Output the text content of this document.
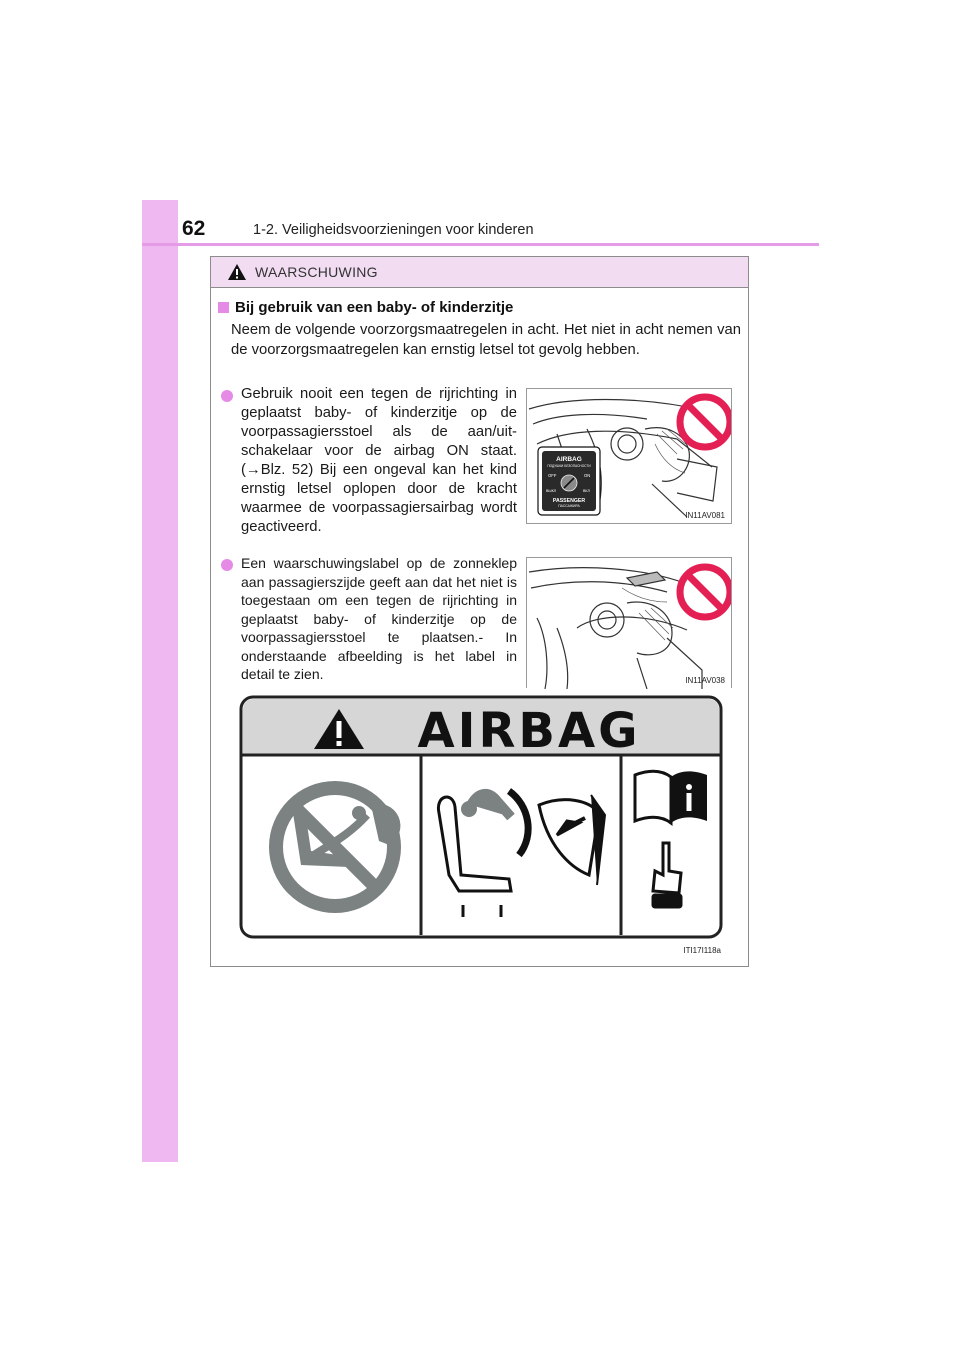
62	1-2. Veiligheidsvoorzieningen voor kinderen
WAARSCHUWING
Bij gebruik van een baby- of kinderzitje
Neem de volgende voorzorgsmaatregelen in acht. Het niet in acht nemen van de voorzorgsmaatregelen kan ernstig letsel tot gevolg hebben.
Gebruik nooit een tegen de rijrichting in geplaatst baby- of kinderzitje op de voorpassagiersstoel als de aan/uit-schakelaar voor de airbag ON staat. (→Blz. 52) Bij een ongeval kan het kind ernstig letsel oplopen door de kracht waarmee de voorpassagiersairbag wordt geactiveerd.
AIRBAG
ПОДУШКИ БЕЗОПАСНОСТИ
OFF	ON
ВЫКЛ	ВКЛ
PASSENGER
ПАССАЖИРА
IN11AV081
Een waarschuwingslabel op de zonneklep aan passagierszijde geeft aan dat het niet is toegestaan om een tegen de rijrichting in geplaatst baby- of kinderzitje op de voorpassagiersstoel te plaatsen.- In onderstaande afbeelding is het label in detail te zien.	IN11AV038
AIRBAG
ITI17I118a
